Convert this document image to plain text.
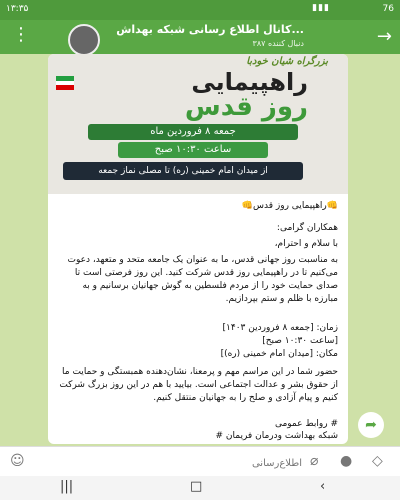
۱۳:۳۵	▮▮▮	76
→
کانال اطلاع رسانی شبکه بهداش...
۳۸۷ دنبال کننده
⋮
بزرگراه شیان خودبا
راهپیمایی
روز قدس
جمعه ۸ فروردین ماه
ساعت ۱۰:۳۰ صبح
از میدان امام خمینی (ره) تا مصلی نماز جمعه
👊راهپیمایی روز قدس👊
همکاران گرامی:
با سلام و احترام،
به مناسبت روز جهانی قدس، ما به عنوان یک جامعه متحد و متعهد، دعوت می‌کنیم تا در راهپیمایی روز قدس شرکت کنید. این روز فرصتی است تا صدای حمایت خود را از مردم فلسطین به گوش جهانیان برسانیم و به مبارزه با ظلم و ستم بپردازیم.
زمان: [جمعه ۸ فروردین ۱۴۰۳]
[ساعت ۱۰:۳۰ صبح]
مکان: [میدان امام خمینی (ره)]
حضور شما در این مراسم مهم و پرمعنا، نشان‌دهنده همبستگی و حمایت ما از حقوق بشر و عدالت اجتماعی است. بیایید با هم در این روز بزرگ شرکت کنیم و پیام آزادی و صلح را به جهانیان منتقل کنیم.
# روابط عمومی
شبکه بهداشت ودرمان فریمان #
➦
☺
اطلاع‌رسانی	⌀ ● ◇
|||	□	‹
